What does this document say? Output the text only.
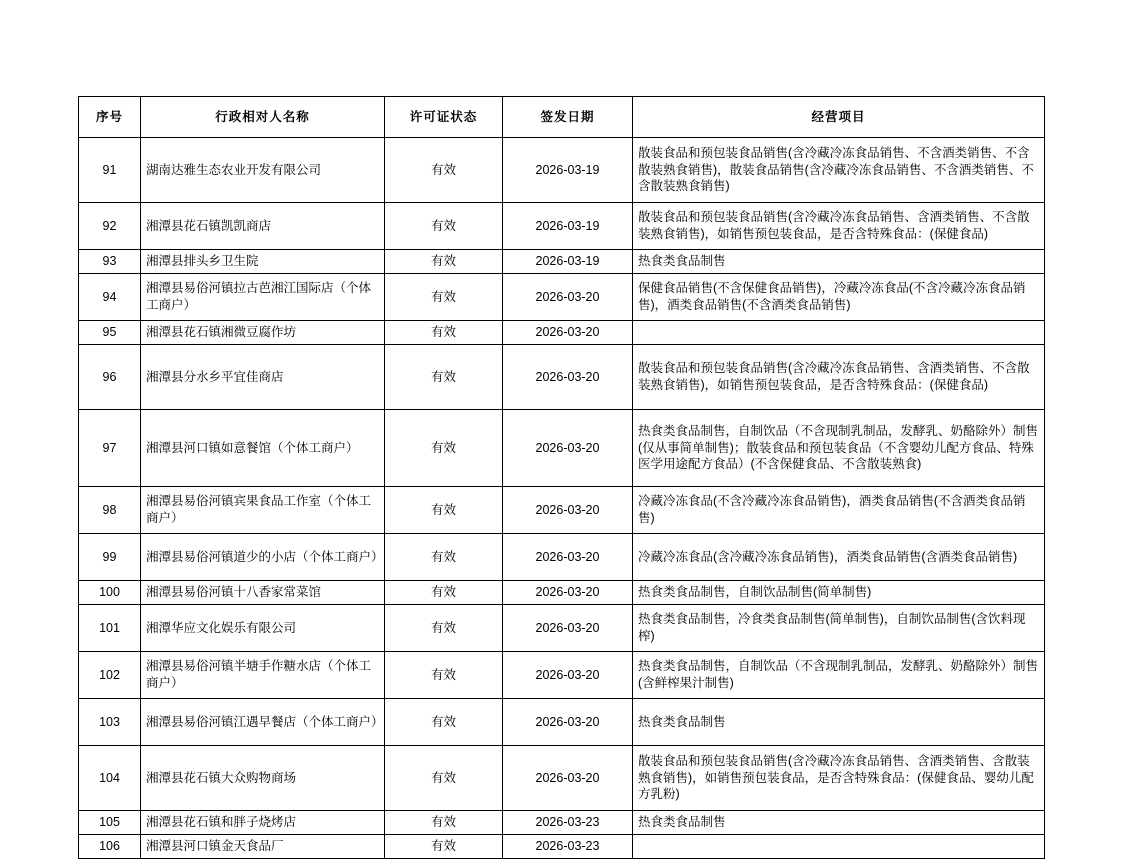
序号	行政相对人名称	许可证状态	签发日期	经营项目
91	湖南达雅生态农业开发有限公司	有效	2026-03-19	散装食品和预包装食品销售(含冷藏冷冻食品销售、不含酒类销售、不含散装熟食销售)，散装食品销售(含冷藏冷冻食品销售、不含酒类销售、不含散装熟食销售)
92	湘潭县花石镇凯凯商店	有效	2026-03-19	散装食品和预包装食品销售(含冷藏冷冻食品销售、含酒类销售、不含散装熟食销售)，如销售预包装食品，是否含特殊食品：(保健食品)
93	湘潭县排头乡卫生院	有效	2026-03-19	热食类食品制售
94	湘潭县易俗河镇拉古芭湘江国际店（个体工商户）	有效	2026-03-20	保健食品销售(不含保健食品销售)，冷藏冷冻食品(不含冷藏冷冻食品销售)，酒类食品销售(不含酒类食品销售)
95	湘潭县花石镇湘微豆腐作坊	有效	2026-03-20	
96	湘潭县分水乡平宜佳商店	有效	2026-03-20	散装食品和预包装食品销售(含冷藏冷冻食品销售、含酒类销售、不含散装熟食销售)，如销售预包装食品，是否含特殊食品：(保健食品)
97	湘潭县河口镇如意餐馆（个体工商户）	有效	2026-03-20	热食类食品制售，自制饮品（不含现制乳制品，发酵乳、奶酪除外）制售(仅从事简单制售)；散装食品和预包装食品（不含婴幼儿配方食品、特殊医学用途配方食品）(不含保健食品、不含散装熟食)
98	湘潭县易俗河镇宾果食品工作室（个体工商户）	有效	2026-03-20	冷藏冷冻食品(不含冷藏冷冻食品销售)，酒类食品销售(不含酒类食品销售)
99	湘潭县易俗河镇道少的小店（个体工商户）	有效	2026-03-20	冷藏冷冻食品(含冷藏冷冻食品销售)，酒类食品销售(含酒类食品销售)
100	湘潭县易俗河镇十八香家常菜馆	有效	2026-03-20	热食类食品制售，自制饮品制售(简单制售)
101	湘潭华应文化娱乐有限公司	有效	2026-03-20	热食类食品制售，冷食类食品制售(简单制售)，自制饮品制售(含饮料现榨)
102	湘潭县易俗河镇半塘手作糖水店（个体工商户）	有效	2026-03-20	热食类食品制售，自制饮品（不含现制乳制品，发酵乳、奶酪除外）制售(含鲜榨果汁制售)
103	湘潭县易俗河镇江遇早餐店（个体工商户）	有效	2026-03-20	热食类食品制售
104	湘潭县花石镇大众购物商场	有效	2026-03-20	散装食品和预包装食品销售(含冷藏冷冻食品销售、含酒类销售、含散装熟食销售)，如销售预包装食品，是否含特殊食品：(保健食品、婴幼儿配方乳粉)
105	湘潭县花石镇和胖子烧烤店	有效	2026-03-23	热食类食品制售
106	湘潭县河口镇金天食品厂	有效	2026-03-23	
